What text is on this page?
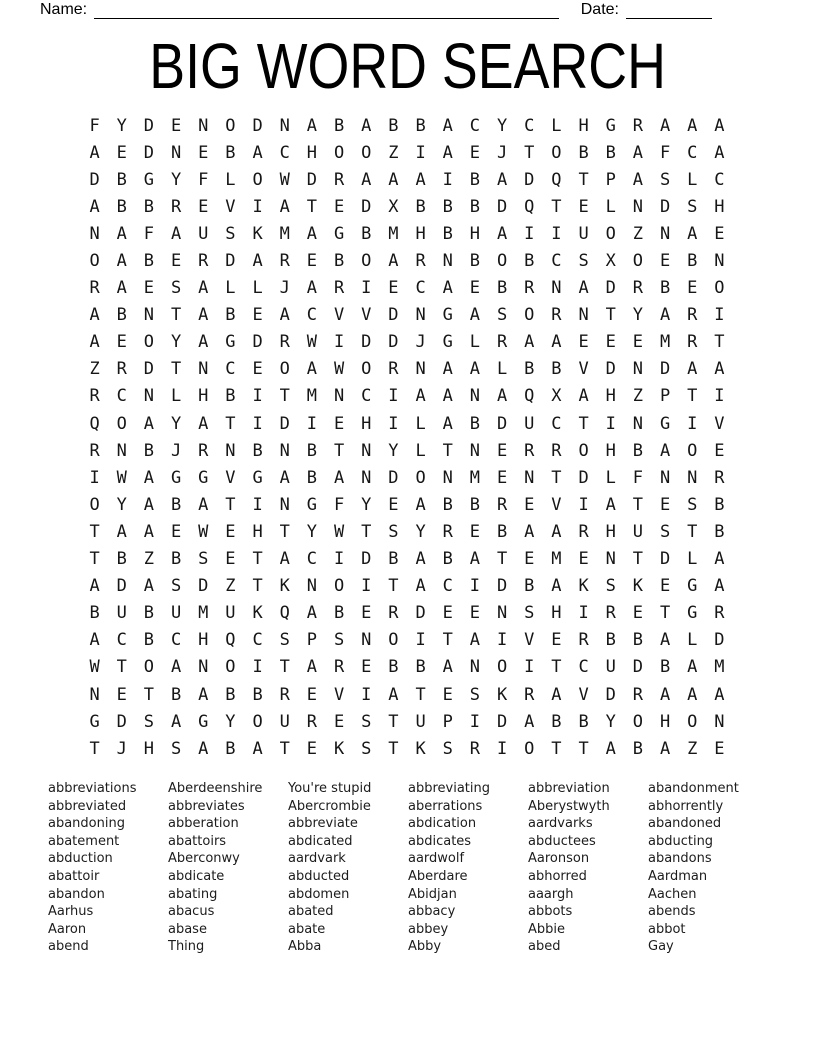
Name:	Date:
BIG WORD SEARCH
F Y D E N O D N A B A B B A C Y C L H G R A A A
A E D N E B A C H O O Z I A E J T O B B A F C A
D B G Y F L O W D R A A A I B A D Q T P A S L C
A B B R E V I A T E D X B B B D Q T E L N D S H
N A F A U S K M A G B M H B H A I I U O Z N A E
O A B E R D A R E B O A R N B O B C S X O E B N
R A E S A L L J A R I E C A E B R N A D R B E O
A B N T A B E A C V V D N G A S O R N T Y A R I
A E O Y A G D R W I D D J G L R A A E E E M R T
Z R D T N C E O A W O R N A A L B B V D N D A A
R C N L H B I T M N C I A A N A Q X A H Z P T I
Q O A Y A T I D I E H I L A B D U C T I N G I V
R N B J R N B N B T N Y L T N E R R O H B A O E
I W A G G V G A B A N D O N M E N T D L F N N R
O Y A B A T I N G F Y E A B B R E V I A T E S B
T A A E W E H T Y W T S Y R E B A A R H U S T B
T B Z B S E T A C I D B A B A T E M E N T D L A
A D A S D Z T K N O I T A C I D B A K S K E G A
B U B U M U K Q A B E R D E E N S H I R E T G R
A C B C H Q C S P S N O I T A I V E R B B A L D
W T O A N O I T A R E B B A N O I T C U D B A M
N E T B A B B R E V I A T E S K R A V D R A A A
G D S A G Y O U R E S T U P I D A B B Y O H O N
T J H S A B A T E K S T K S R I O T T A B A Z E
abbreviations
abbreviated
abandoning
abatement
abduction
abattoir
abandon
Aarhus
Aaron
abend
Aberdeenshire
abbreviates
abberation
abattoirs
Aberconwy
abdicate
abating
abacus
abase
Thing
You're stupid
Abercrombie
abbreviate
abdicated
aardvark
abducted
abdomen
abated
abate
Abba
abbreviating
aberrations
abdication
abdicates
aardwolf
Aberdare
Abidjan
abbacy
abbey
Abby
abbreviation
Aberystwyth
aardvarks
abductees
Aaronson
abhorred
aaargh
abbots
Abbie
abed
abandonment
abhorrently
abandoned
abducting
abandons
Aardman
Aachen
abends
abbot
Gay
